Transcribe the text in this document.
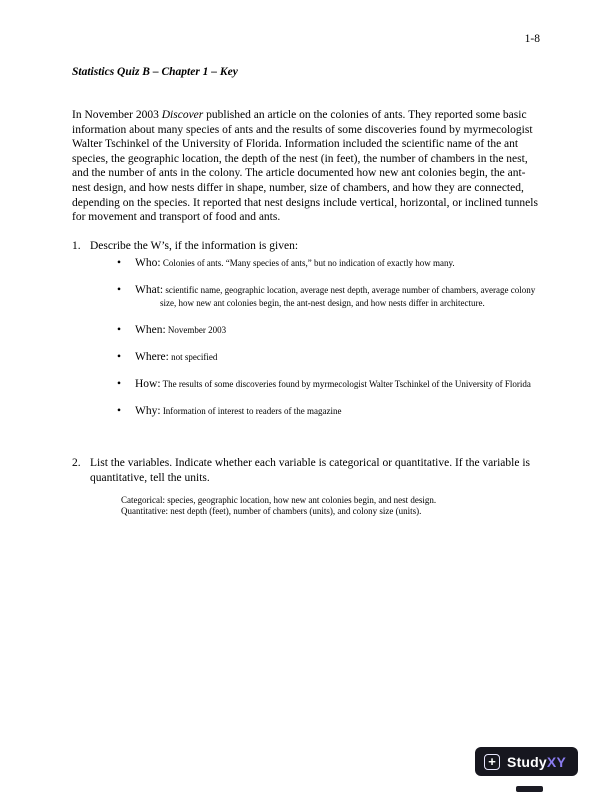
1-8
Statistics Quiz B – Chapter 1 – Key

In November 2003 Discover published an article on the colonies of ants. They reported some basic information about many species of ants and the results of some discoveries found by myrmecologist Walter Tschinkel of the University of Florida. Information included the scientific name of the ant species, the geographic location, the depth of the nest (in feet), the number of chambers in the nest, and the number of ants in the colony. The article documented how new ant colonies begin, the ant-nest design, and how nests differ in shape, number, size of chambers, and how they are connected, depending on the species. It reported that nest designs include vertical, horizontal, or inclined tunnels for movement and transport of food and ants.

1. Describe the W’s, if the information is given:
• Who: Colonies of ants. “Many species of ants,” but no indication of exactly how many.
• What: scientific name, geographic location, average nest depth, average number of chambers, average colony size, how new ant colonies begin, the ant-nest design, and how nests differ in architecture.
• When: November 2003
• Where: not specified
• How: The results of some discoveries found by myrmecologist Walter Tschinkel of the University of Florida
• Why: Information of interest to readers of the magazine
2. List the variables. Indicate whether each variable is categorical or quantitative. If the variable is quantitative, tell the units.
Categorical: species, geographic location, how new ant colonies begin, and nest design.
Quantitative: nest depth (feet), number of chambers (units), and colony size (units).
+ StudyXY
